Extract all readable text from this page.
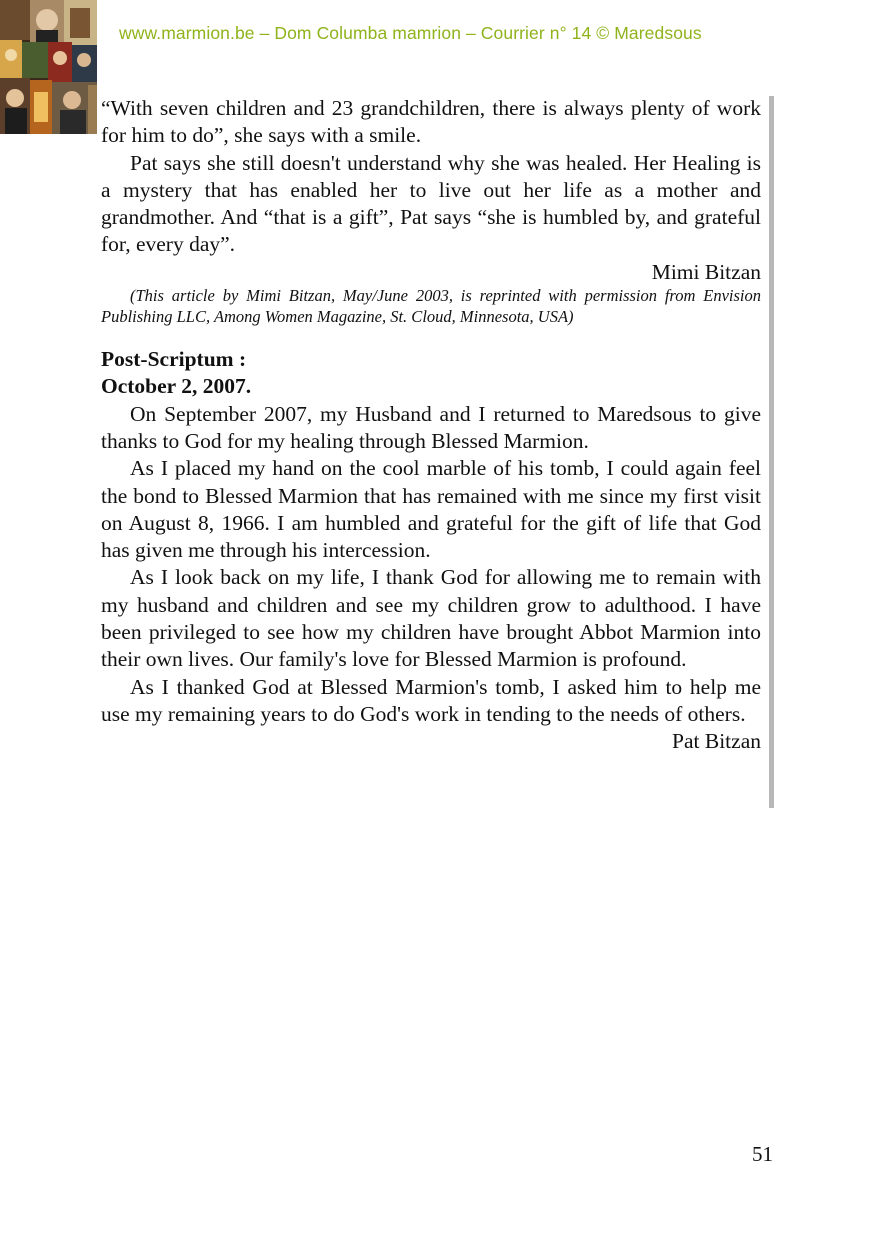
www.marmion.be – Dom Columba mamrion – Courrier n° 14 © Maredsous

“With seven children and 23 grandchildren, there is always plenty of work for him to do”, she says with a smile.

Pat says she still doesn't understand why she was healed. Her Healing is a mystery that has enabled her to live out her life as a mother and grandmother. And “that is a gift”, Pat says “she is humbled by, and grateful for, every day”.

Mimi Bitzan

(This article by Mimi Bitzan, May/June 2003, is reprinted with permission from Envision Publishing LLC, Among Women Magazine, St. Cloud, Minnesota, USA)

Post-Scriptum :

October 2, 2007.

On September 2007, my Husband and I returned to Maredsous to give thanks to God for my healing through Blessed Marmion.

As I placed my hand on the cool marble of his tomb, I could again feel the bond to Blessed Marmion that has remained with me since my first visit on August 8, 1966. I am humbled and grateful for the gift of life that God has given me through his intercession.

As I look back on my life, I thank God for allowing me to remain with my husband and children and see my children grow to adulthood. I have been privileged to see how my children have brought Abbot Marmion into their own lives. Our family's love for Blessed Marmion is profound.

As I thanked God at Blessed Marmion's tomb, I asked him to help me use my remaining years to do God's work in tending to the needs of others.

Pat Bitzan

51
